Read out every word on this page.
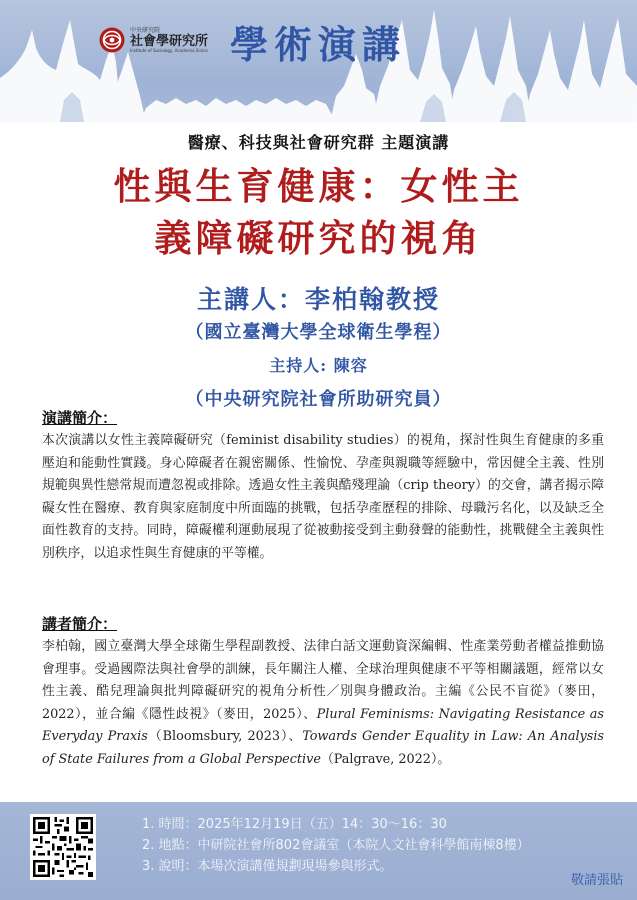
中央研究院
社會學研究所
Institute of Sociology, Academia Sinica 學術演講
醫療、科技與社會研究群 主題演講
性與生育健康：女性主
義障礙研究的視角
主講人：李柏翰教授
（國立臺灣大學全球衛生學程）
主持人: 陳容
（中央研究院社會所助研究員）
演講簡介：
本次演講以女性主義障礙研究（feminist disability studies）的視角，探討性與生育健康的多重壓迫和能動性實踐。身心障礙者在親密關係、性愉悅、孕產與親職等經驗中，常因健全主義、性別規範與異性戀常規而遭忽視或排除。透過女性主義與酷殘理論（crip theory）的交會，講者揭示障礙女性在醫療、教育與家庭制度中所面臨的挑戰，包括孕產歷程的排除、母職污名化，以及缺乏全面性教育的支持。同時，障礙權利運動展現了從被動接受到主動發聲的能動性，挑戰健全主義與性別秩序，以追求性與生育健康的平等權。
講者簡介：
李柏翰，國立臺灣大學全球衛生學程副教授、法律白話文運動資深編輯、性產業勞動者權益推動協會理事。受過國際法與社會學的訓練，長年關注人權、全球治理與健康不平等相關議題，經常以女性主義、酷兒理論與批判障礙研究的視角分析性／別與身體政治。主編《公民不盲從》（麥田，2022），並合編《隱性歧視》（麥田，2025）、Plural Feminisms: Navigating Resistance as Everyday Praxis（Bloomsbury, 2023）、Towards Gender Equality in Law: An Analysis of State Failures from a Global Perspective（Palgrave, 2022）。
1. 時間：2025年12月19日（五）14：30～16：30
2. 地點：中研院社會所802會議室（本院人文社會科學館南棟8樓）
3. 說明：本場次演講僅規劃現場參與形式。
敬請張貼
